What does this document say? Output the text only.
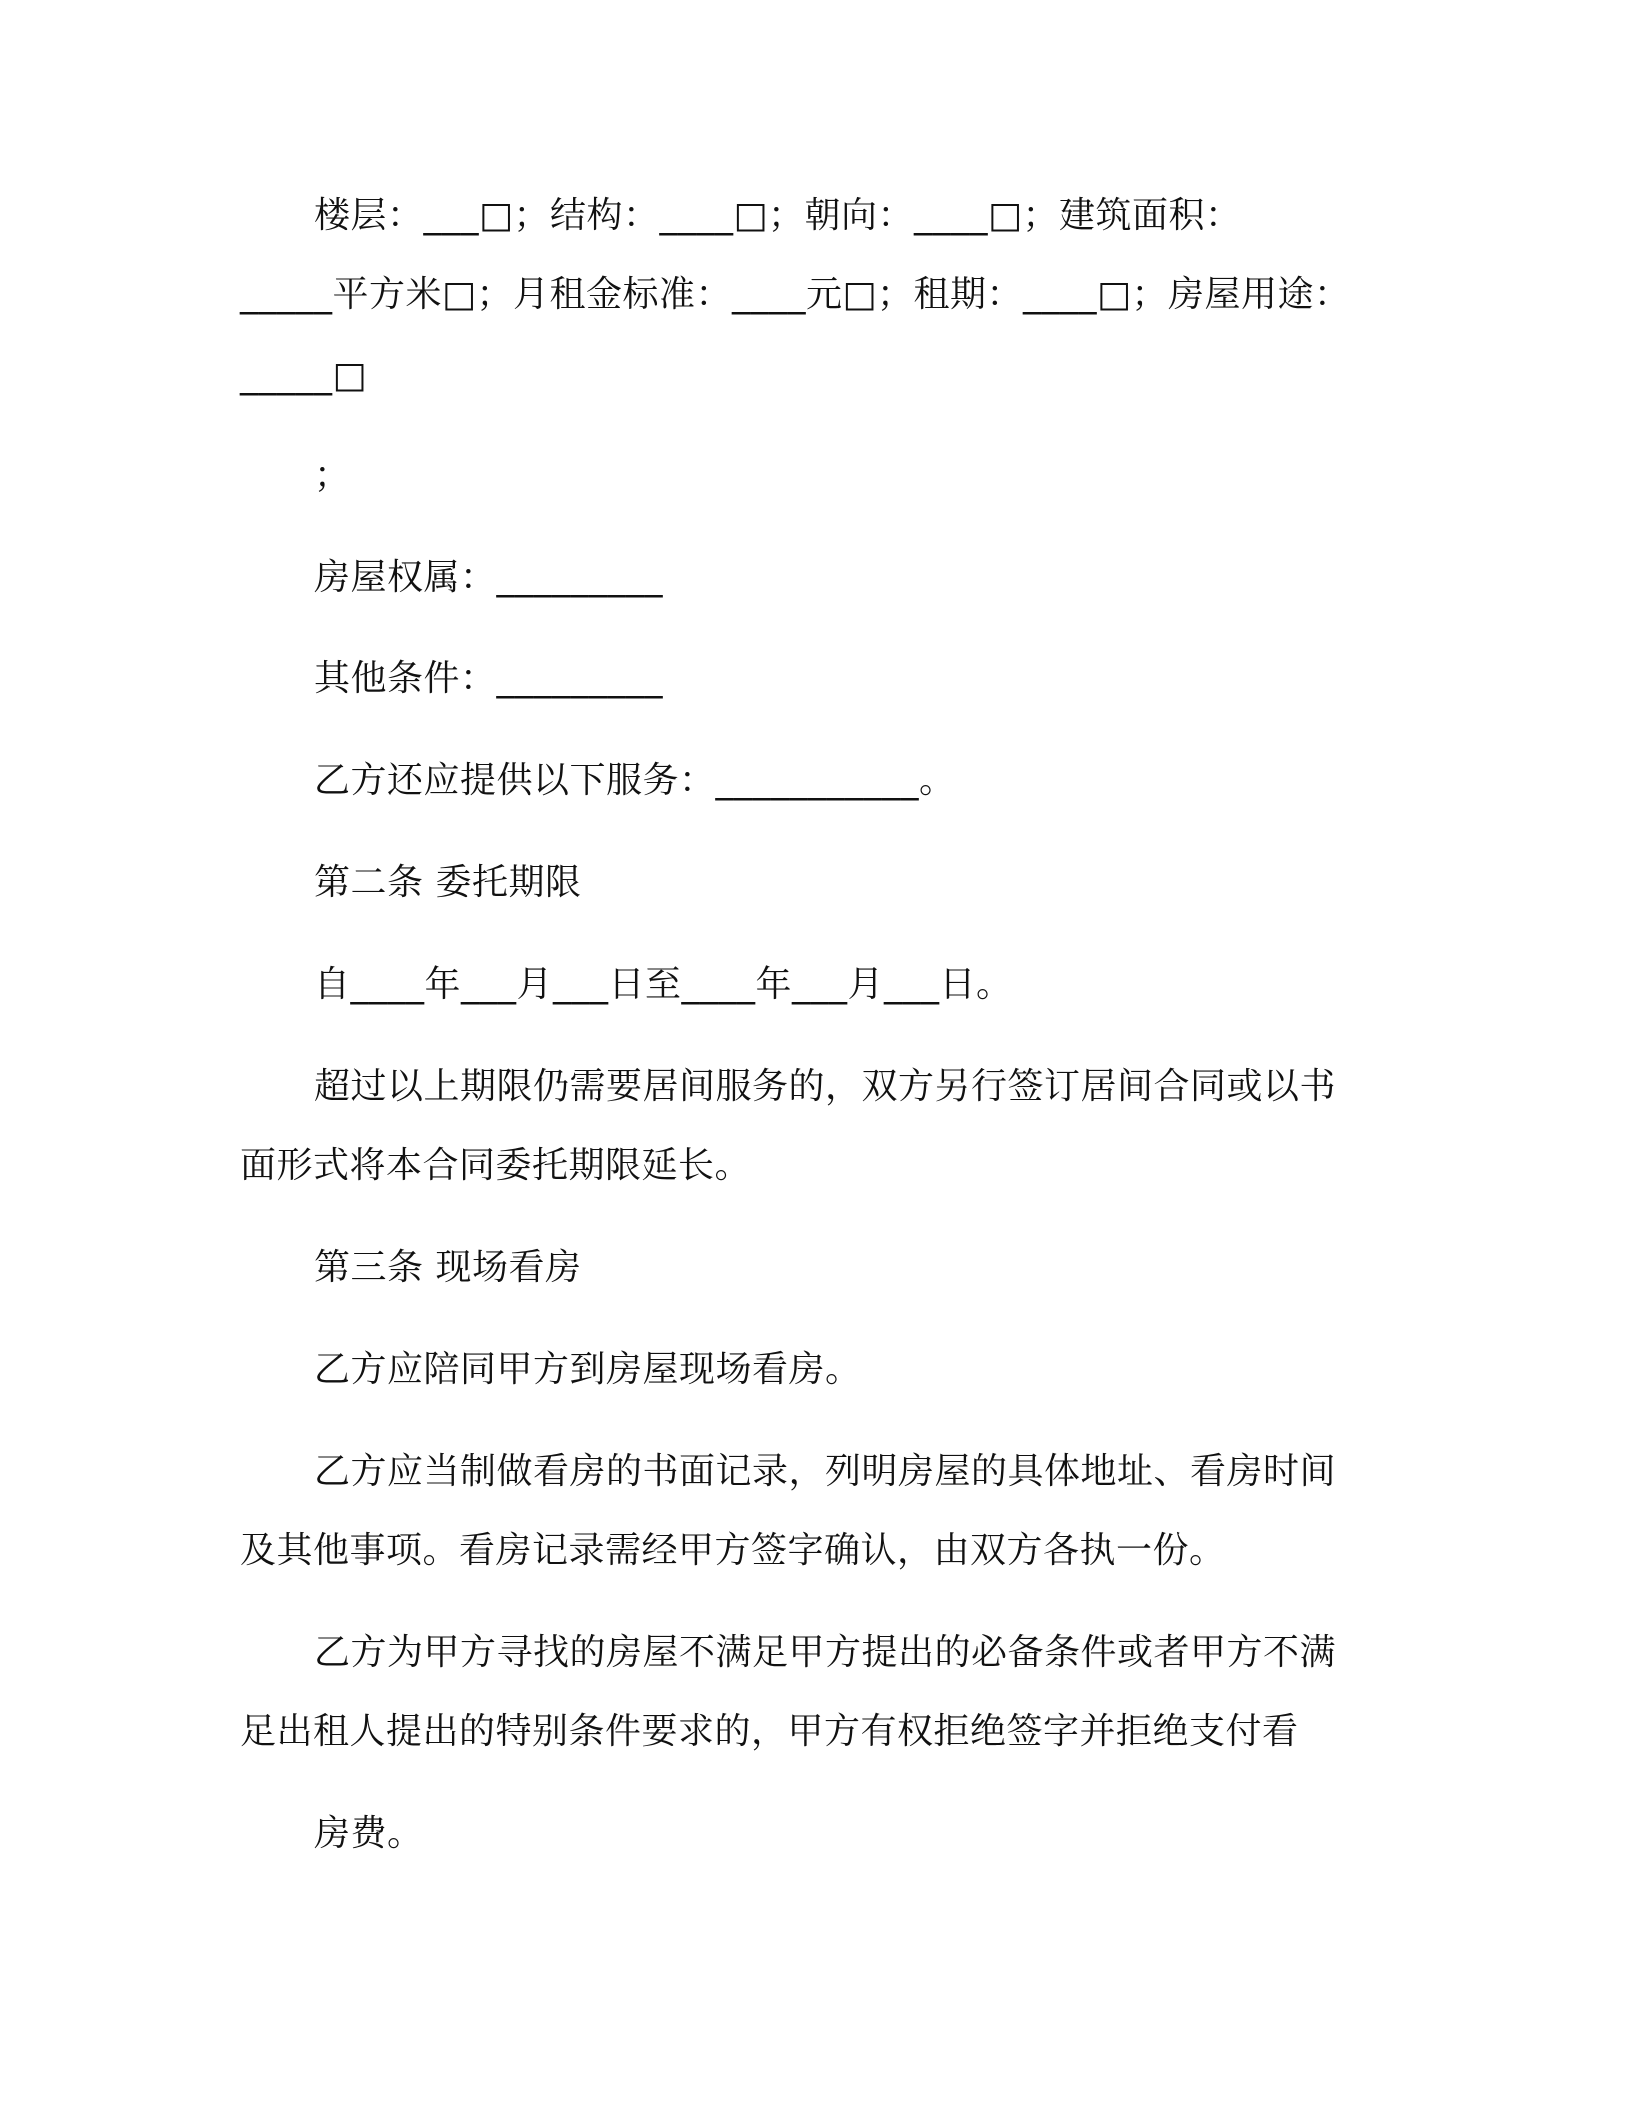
楼层：___□；结构：____□；朝向：____□；建筑面积：
_____平方米□；月租金标准：____元□；租期：____□；房屋用途：
_____□
；
房屋权属：_________
其他条件：_________
乙方还应提供以下服务：___________。
第二条 委托期限
自____年___月___日至____年___月___日。
超过以上期限仍需要居间服务的，双方另行签订居间合同或以书
面形式将本合同委托期限延长。
第三条 现场看房
乙方应陪同甲方到房屋现场看房。
乙方应当制做看房的书面记录，列明房屋的具体地址、看房时间
及其他事项。看房记录需经甲方签字确认，由双方各执一份。
乙方为甲方寻找的房屋不满足甲方提出的必备条件或者甲方不满
足出租人提出的特别条件要求的，甲方有权拒绝签字并拒绝支付看
房费。
